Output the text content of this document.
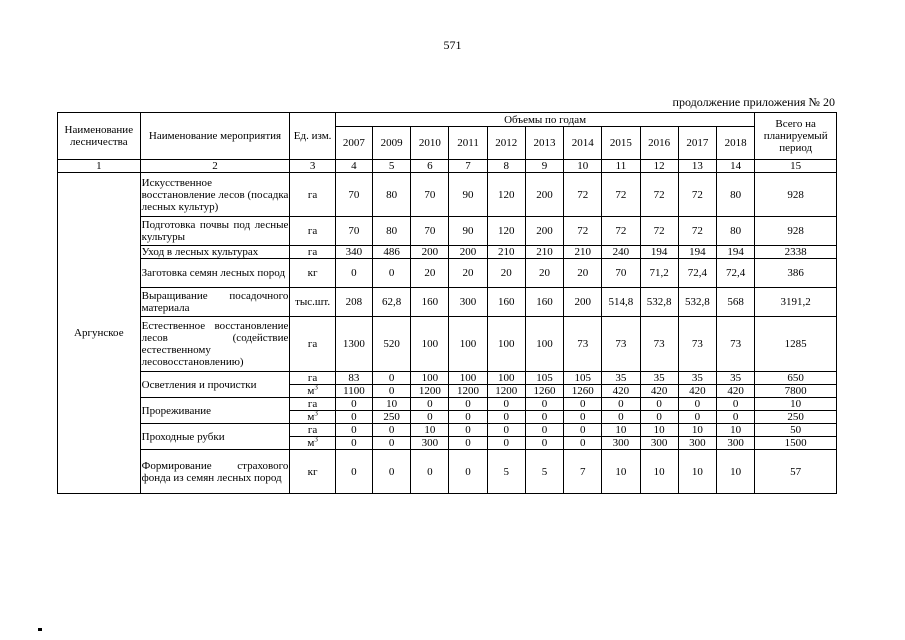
571
продолжение приложения № 20
Наименование лесничества	Наименование мероприятия	Ед. изм.	Объемы по годам											Всего на планируемый период
			2007	2009	2010	2011	2012	2013	2014	2015	2016	2017	2018	
1	2	3	4	5	6	7	8	9	10	11	12	13	14	15
Аргунское	Искусственное восстановление лесов (посадка лесных культур)	га	70	80	70	90	120	200	72	72	72	72	80	928
	Подготовка почвы под лесные культуры	га	70	80	70	90	120	200	72	72	72	72	80	928
	Уход в лесных культурах	га	340	486	200	200	210	210	210	240	194	194	194	2338
	Заготовка семян лесных пород	кг	0	0	20	20	20	20	20	70	71,2	72,4	72,4	386
	Выращивание посадочного материала	тыс.шт.	208	62,8	160	300	160	160	200	514,8	532,8	532,8	568	3191,2
	Естественное восстановление лесов (содействие естественному лесовосстановлению)	га	1300	520	100	100	100	100	73	73	73	73	73	1285
	Осветления и прочистки	га	83	0	100	100	100	105	105	35	35	35	35	650
		$м^3$	1100	0	1200	1200	1200	1260	1260	420	420	420	420	7800
	Прореживание	га	0	10	0	0	0	0	0	0	0	0	0	10
		$м^3$	0	250	0	0	0	0	0	0	0	0	0	250
	Проходные рубки	га	0	0	10	0	0	0	0	10	10	10	10	50
		$м^3$	0	0	300	0	0	0	0	300	300	300	300	1500
	Формирование страхового фонда из семян лесных пород	кг	0	0	0	0	5	5	7	10	10	10	10	57
